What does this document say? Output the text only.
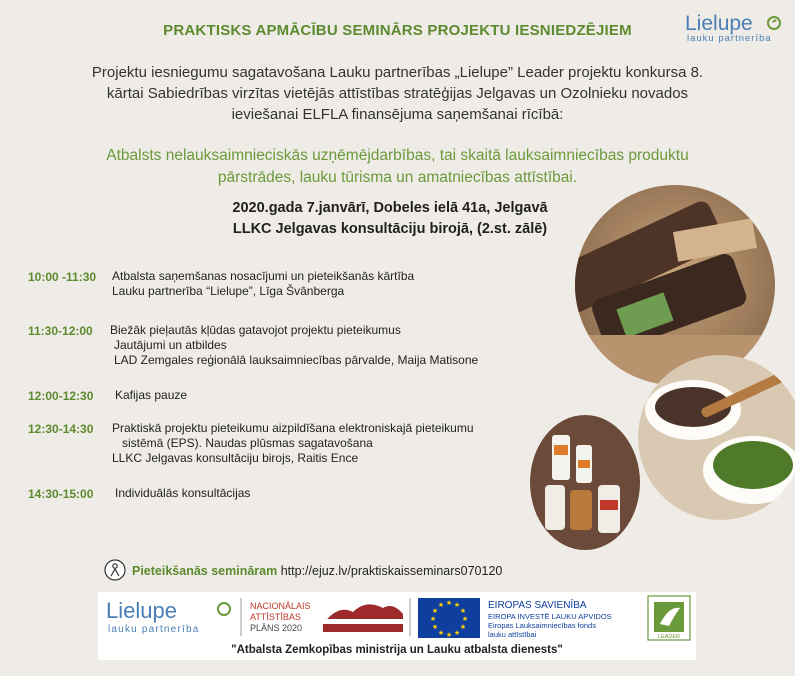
PRAKTISKS APMĀCĪBU SEMINĀRS PROJEKTU IESNIEDZĒJIEM	Lielupe
lauku partnerība
Projektu iesniegumu sagatavošana Lauku partnerības „Lielupe” Leader projektu konkursa 8.
kārtai Sabiedrības virzītas vietējās attīstības stratēģijas Jelgavas un Ozolnieku novados
ieviešanai ELFLA finansējuma saņemšanai rīcībā:
Atbalsts nelauksaimnieciskās uzņēmējdarbības, tai skaitā lauksaimniecības produktu
pārstrādes, lauku tūrisma un amatniecības attīstībai.
2020.gada 7.janvārī, Dobeles ielā 41a, Jelgavā
LLKC Jelgavas konsultāciju birojā, (2.st. zālē)
10:00 -11:30 Atbalsta saņemšanas nosacījumi un pieteikšanās kārtība
Lauku partnerība “Lielupe”, Līga Švānberga
11:30-12:00 Biežāk pieļautās kļūdas gatavojot projektu pieteikumus
Jautājumi un atbildes
LAD Zemgales reģionālā lauksaimniecības pārvalde, Maija Matisone
12:00-12:30 Kafijas pauze
12:30-14:30 Praktiskā projektu pieteikumu aizpildīšana elektroniskajā pieteikumu
sistēmā (EPS). Naudas plūsmas sagatavošana
LLKC Jelgavas konsultāciju birojs, Raitis Ence
14:30-15:00 Individuālās konsultācijas
Pieteikšanās semināram http://ejuz.lv/praktiskaisseminars070120
Lielupe
lauku partnerība
NACIONĀLAIS
ATTĪSTĪBAS
PLĀNS 2020
★ ★
★
★
★
★
★
★
★
★
★
★	EIROPAS SAVIENĪBA
EIROPA INVESTĒ LAUKU APVIDOS
Eiropas Lauksaimniecības fonds
lauku attīstībai	LEADER
"Atbalsta Zemkopības ministrija un Lauku atbalsta dienests"
